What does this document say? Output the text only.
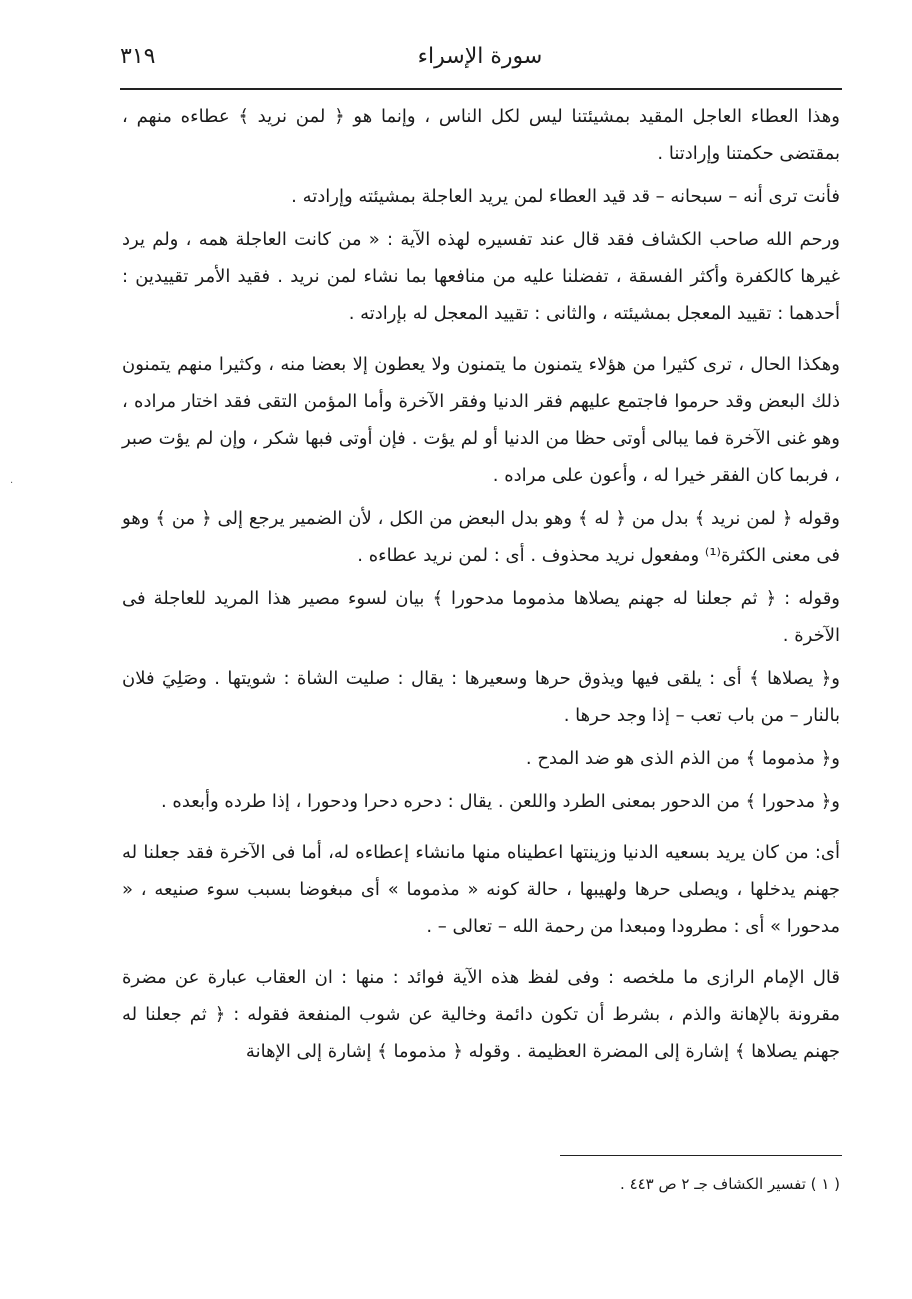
٣١٩	سورة الإسراء

وهذا العطاء العاجل المقيد بمشيئتنا ليس لكل الناس ، وإنما هو ﴿ لمن نريد ﴾ عطاءه منهم ، بمقتضى حكمتنا وإرادتنا .

فأنت ترى أنه – سبحانه – قد قيد العطاء لمن يريد العاجلة بمشيئته وإرادته .

ورحم الله صاحب الكشاف فقد قال عند تفسيره لهذه الآية : « من كانت العاجلة همه ، ولم يرد غيرها كالكفرة وأكثر الفسقة ، تفضلنا عليه من منافعها بما نشاء لمن نريد . فقيد الأمر تقييدين : أحدهما : تقييد المعجل بمشيئته ، والثانى : تقييد المعجل له بإرادته .

وهكذا الحال ، ترى كثيرا من هؤلاء يتمنون ما يتمنون ولا يعطون إلا بعضا منه ، وكثيرا منهم يتمنون ذلك البعض وقد حرموا فاجتمع عليهم فقر الدنيا وفقر الآخرة وأما المؤمن التقى فقد اختار مراده ، وهو غنى الآخرة فما يبالى أوتى حظا من الدنيا أو لم يؤت . فإن أوتى فبها شكر ، وإن لم يؤت صبر ، فربما كان الفقر خيرا له ، وأعون على مراده .

وقوله ﴿ لمن نريد ﴾ بدل من ﴿ له ﴾ وهو بدل البعض من الكل ، لأن الضمير يرجع إلى ﴿ من ﴾ وهو فى معنى الكثرة⁽¹⁾ ومفعول نريد محذوف . أى : لمن نريد عطاءه .

وقوله : ﴿ ثم جعلنا له جهنم يصلاها مذموما مدحورا ﴾ بيان لسوء مصير هذا المريد للعاجلة فى الآخرة .

و﴿ يصلاها ﴾ أى : يلقى فيها ويذوق حرها وسعيرها : يقال : صليت الشاة : شويتها . وصَلِيَ فلان بالنار – من باب تعب – إذا وجد حرها .

و﴿ مذموما ﴾ من الذم الذى هو ضد المدح .

و﴿ مدحورا ﴾ من الدحور بمعنى الطرد واللعن . يقال : دحره دحرا ودحورا ، إذا طرده وأبعده .

أى: من كان يريد بسعيه الدنيا وزينتها اعطيناه منها مانشاء إعطاءه له، أما فى الآخرة فقد جعلنا له جهنم يدخلها ، ويصلى حرها ولهيبها ، حالة كونه « مذموما » أى مبغوضا بسبب سوء صنيعه ، « مدحورا » أى : مطرودا ومبعدا من رحمة الله – تعالى – .

قال الإمام الرازى ما ملخصه : وفى لفظ هذه الآية فوائد : منها : ان العقاب عبارة عن مضرة مقرونة بالإهانة والذم ، بشرط أن تكون دائمة وخالية عن شوب المنفعة فقوله : ﴿ ثم جعلنا له جهنم يصلاها ﴾ إشارة إلى المضرة العظيمة . وقوله ﴿ مذموما ﴾ إشارة إلى الإهانة

( ١ ) تفسير الكشاف جـ ٢ ص ٤٤٣ .
·
